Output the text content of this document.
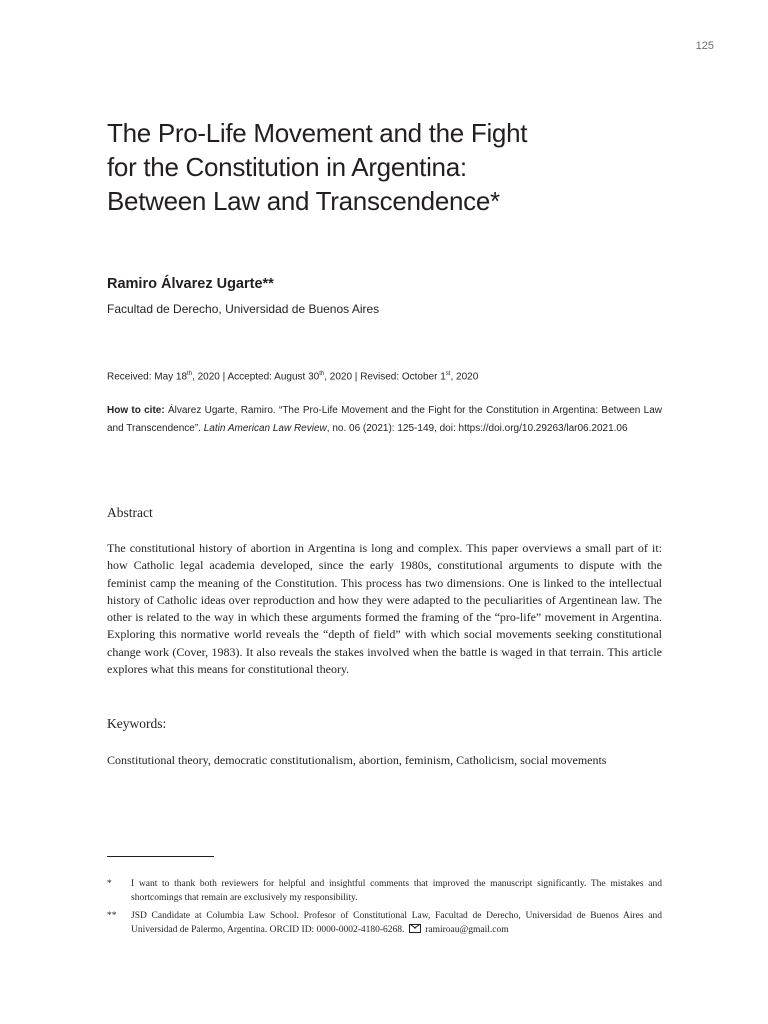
125
The Pro-Life Movement and the Fight
for the Constitution in Argentina:
Between Law and Transcendence*
Ramiro Álvarez Ugarte**
Facultad de Derecho, Universidad de Buenos Aires
Received: May 18th, 2020 | Accepted: August 30th, 2020 | Revised: October 1st, 2020
How to cite: Álvarez Ugarte, Ramiro. “The Pro-Life Movement and the Fight for the Constitution in Argentina: Between Law and Transcendence”. Latin American Law Review, no. 06 (2021): 125-149, doi: https://doi.org/10.29263/lar06.2021.06
Abstract

The constitutional history of abortion in Argentina is long and complex. This paper overviews a small part of it: how Catholic legal academia developed, since the early 1980s, constitutional arguments to dispute with the feminist camp the meaning of the Constitution. This process has two dimensions. One is linked to the intellectual history of Catholic ideas over reproduction and how they were adapted to the peculiarities of Argentinean law. The other is related to the way in which these arguments formed the framing of the “pro-life” movement in Argentina. Exploring this normative world reveals the “depth of field” with which social movements seeking constitutional change work (Cover, 1983). It also reveals the stakes involved when the battle is waged in that terrain. This article explores what this means for constitutional theory.

Keywords:

Constitutional theory, democratic constitutionalism, abortion, feminism, Catholicism, social movements

* I want to thank both reviewers for helpful and insightful comments that improved the manuscript significantly. The mistakes and shortcomings that remain are exclusively my responsibility.
** JSD Candidate at Columbia Law School. Profesor of Constitutional Law, Facultad de Derecho, Universidad de Buenos Aires and Universidad de Palermo, Argentina. ORCID ID: 0000-0002-4180-6268. ramiroau@gmail.com
